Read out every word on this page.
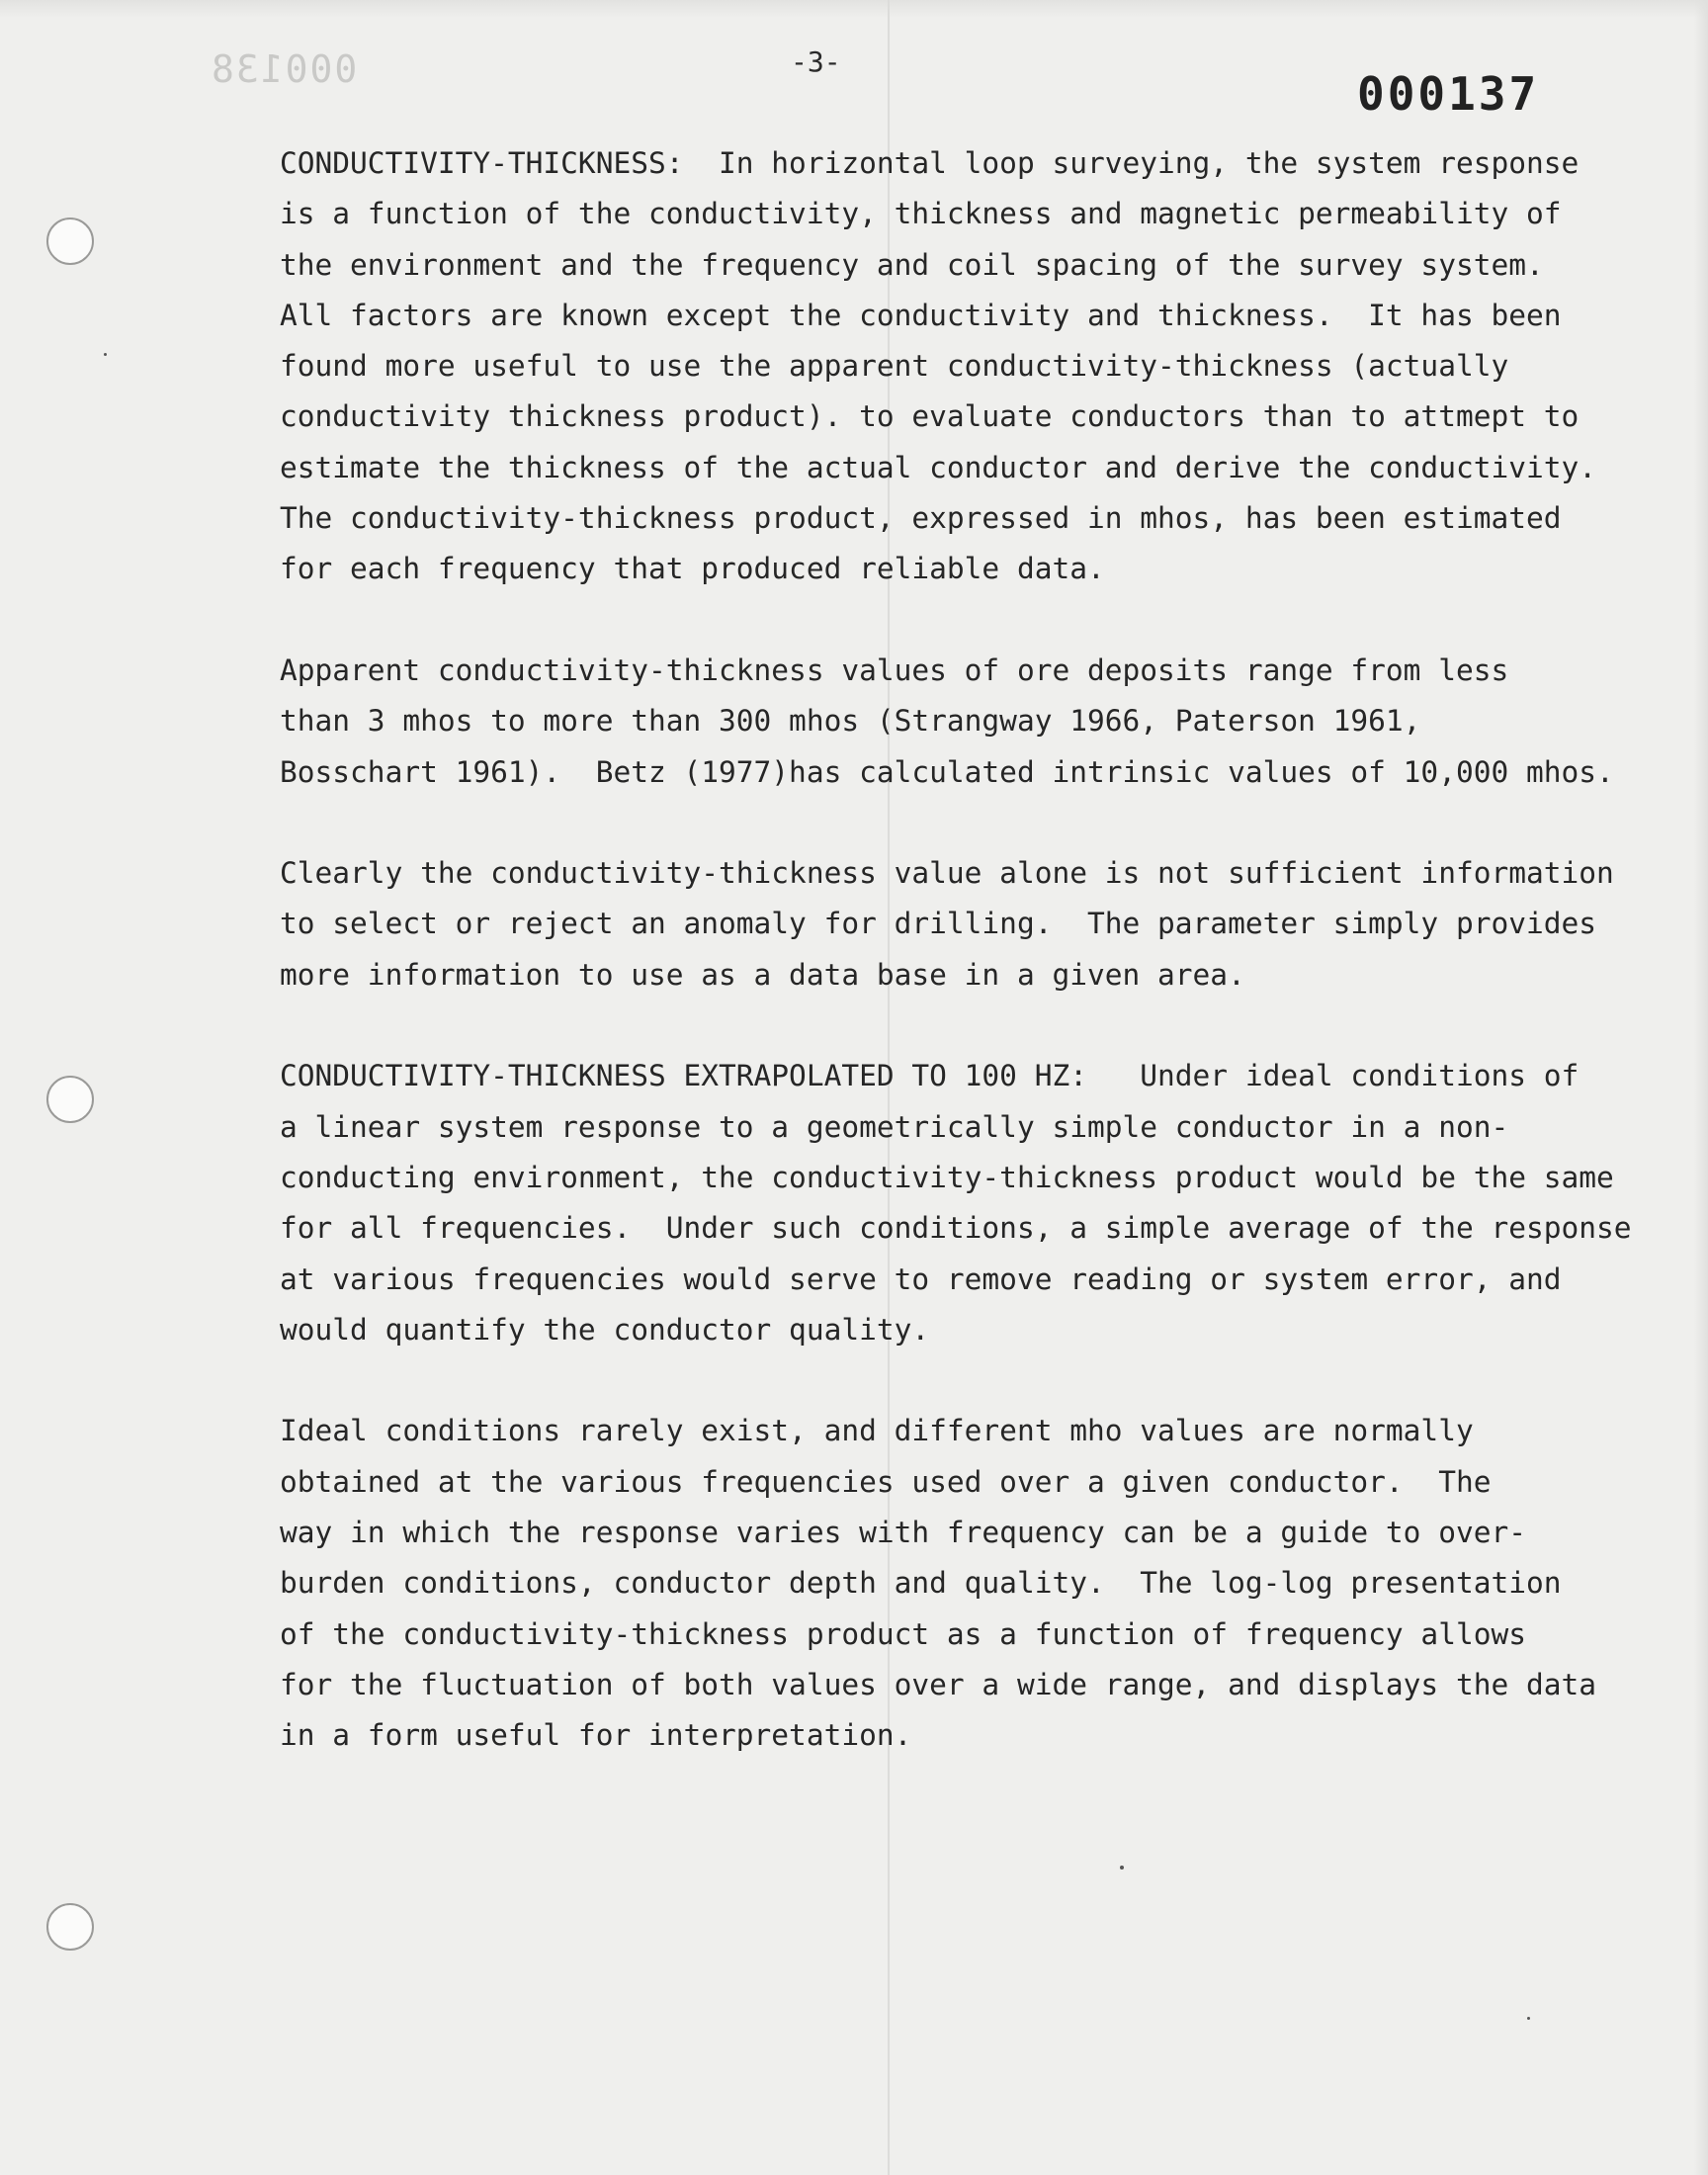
000138	-3-
000137
CONDUCTIVITY-THICKNESS:  In horizontal loop surveying, the system response
is a function of the conductivity, thickness and magnetic permeability of
the environment and the frequency and coil spacing of the survey system.
All factors are known except the conductivity and thickness.  It has been
found more useful to use the apparent conductivity-thickness (actually
conductivity thickness product). to evaluate conductors than to attmept to
estimate the thickness of the actual conductor and derive the conductivity.
The conductivity-thickness product, expressed in mhos, has been estimated
for each frequency that produced reliable data.
Apparent conductivity-thickness values of ore deposits range from less
than 3 mhos to more than 300 mhos (Strangway 1966, Paterson 1961,
Bosschart 1961).  Betz (1977)has calculated intrinsic values of 10,000 mhos.
Clearly the conductivity-thickness value alone is not sufficient information
to select or reject an anomaly for drilling.  The parameter simply provides
more information to use as a data base in a given area.
CONDUCTIVITY-THICKNESS EXTRAPOLATED TO 100 HZ:   Under ideal conditions of
a linear system response to a geometrically simple conductor in a non-
conducting environment, the conductivity-thickness product would be the same
for all frequencies.  Under such conditions, a simple average of the response
at various frequencies would serve to remove reading or system error, and
would quantify the conductor quality.
Ideal conditions rarely exist, and different mho values are normally
obtained at the various frequencies used over a given conductor.  The
way in which the response varies with frequency can be a guide to over-
burden conditions, conductor depth and quality.  The log-log presentation
of the conductivity-thickness product as a function of frequency allows
for the fluctuation of both values over a wide range, and displays the data
in a form useful for interpretation.
